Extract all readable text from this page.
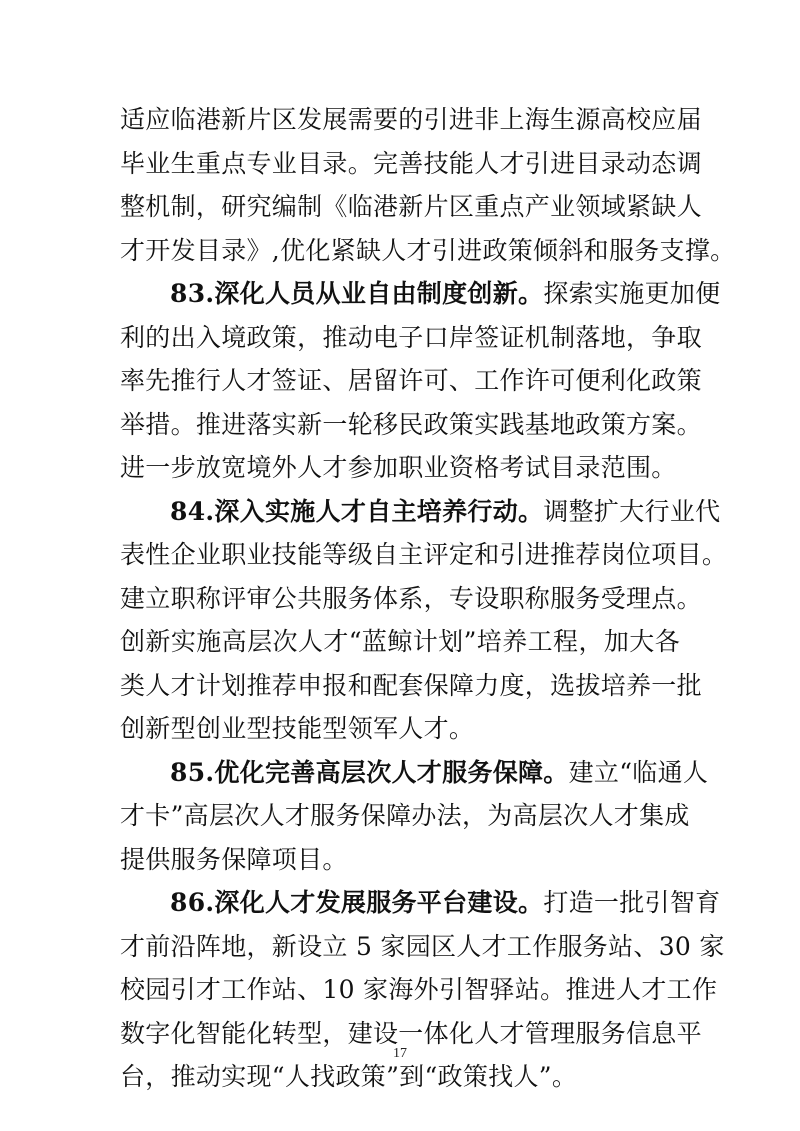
适应临港新片区发展需要的引进非上海生源高校应届
毕业生重点专业目录。完善技能人才引进目录动态调
整机制，研究编制《临港新片区重点产业领域紧缺人
才开发目录》,优化紧缺人才引进政策倾斜和服务支撑。
83.深化人员从业自由制度创新。探索实施更加便
利的出入境政策，推动电子口岸签证机制落地，争取
率先推行人才签证、居留许可、工作许可便利化政策
举措。推进落实新一轮移民政策实践基地政策方案。
进一步放宽境外人才参加职业资格考试目录范围。
84.深入实施人才自主培养行动。调整扩大行业代
表性企业职业技能等级自主评定和引进推荐岗位项目。
建立职称评审公共服务体系，专设职称服务受理点。
创新实施高层次人才“蓝鲸计划”培养工程，加大各
类人才计划推荐申报和配套保障力度，选拔培养一批
创新型创业型技能型领军人才。
85.优化完善高层次人才服务保障。建立“临通人
才卡”高层次人才服务保障办法，为高层次人才集成
提供服务保障项目。
86.深化人才发展服务平台建设。打造一批引智育
才前沿阵地，新设立 5 家园区人才工作服务站、30 家
校园引才工作站、10 家海外引智驿站。推进人才工作
数字化智能化转型，建设一体化人才管理服务信息平
台，推动实现“人找政策”到“政策找人”。
17
